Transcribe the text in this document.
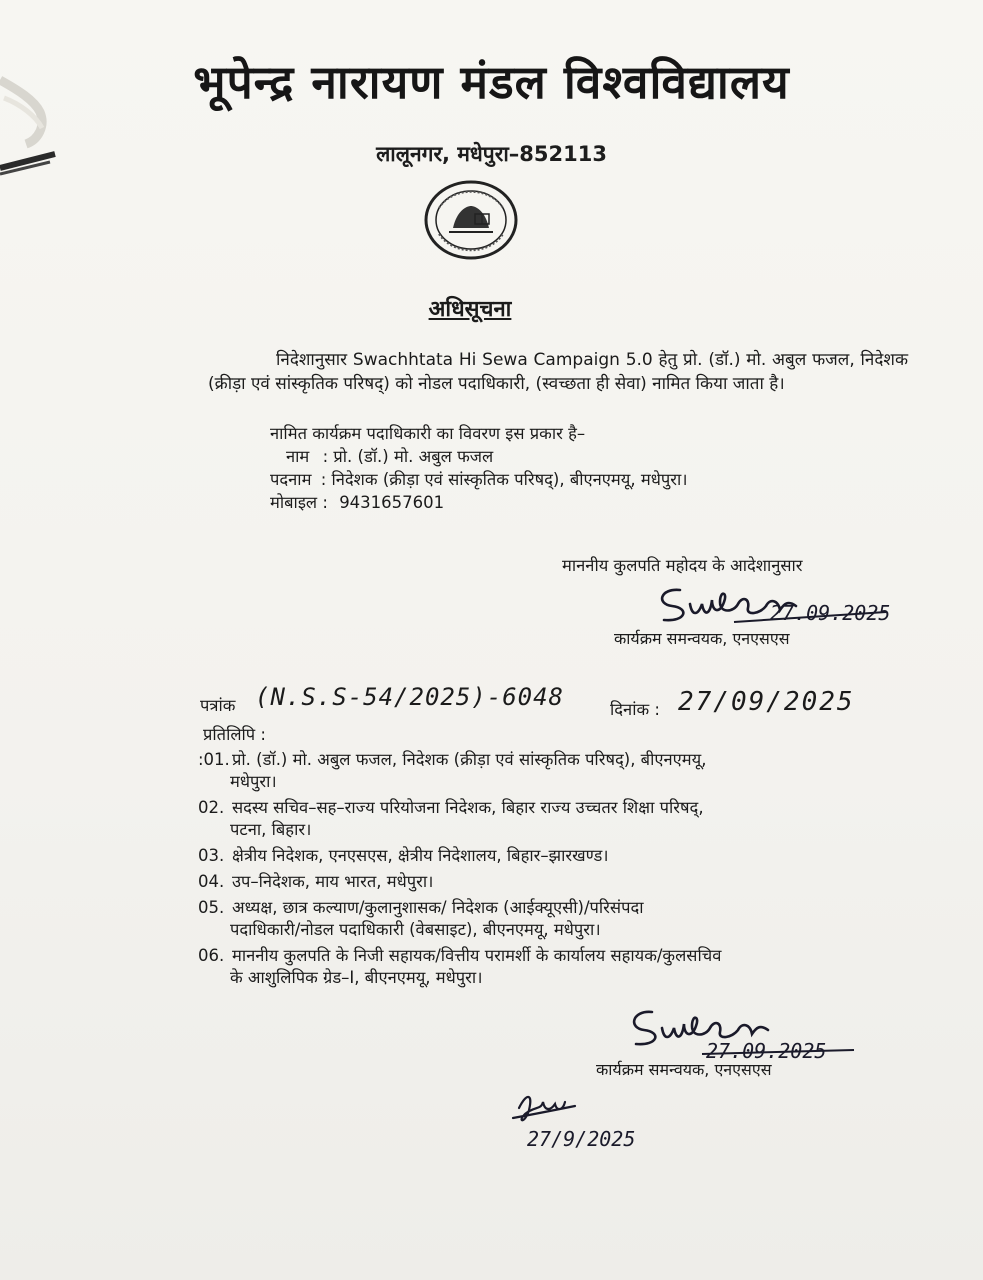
भूपेन्द्र नारायण मंडल विश्वविद्यालय
लालूनगर, मधेपुरा–852113
अधिसूचना
निदेशानुसार Swachhtata Hi Sewa Campaign 5.0 हेतु प्रो. (डॉ.) मो. अबुल फजल, निदेशक (क्रीड़ा एवं सांस्कृतिक परिषद्) को नोडल पदाधिकारी, (स्वच्छता ही सेवा) नामित किया जाता है।
नामित कार्यक्रम पदाधिकारी का विवरण इस प्रकार है–
नाम : प्रो. (डॉ.) मो. अबुल फजल
पदनाम : निदेशक (क्रीड़ा एवं सांस्कृतिक परिषद्), बीएनएमयू, मधेपुरा।
मोबाइल : 9431657601
माननीय कुलपति महोदय के आदेशानुसार
27.09.2025
कार्यक्रम समन्वयक, एनएसएस
पत्रांक (N.S.S-54/2025)-6048	दिनांक : 27/09/2025
प्रतिलिपि :
:01. प्रो. (डॉ.) मो. अबुल फजल, निदेशक (क्रीड़ा एवं सांस्कृतिक परिषद्), बीएनएमयू,
मधेपुरा।
02. सदस्य सचिव–सह–राज्य परियोजना निदेशक, बिहार राज्य उच्चतर शिक्षा परिषद्,
पटना, बिहार।
03. क्षेत्रीय निदेशक, एनएसएस, क्षेत्रीय निदेशालय, बिहार–झारखण्ड।
04. उप–निदेशक, माय भारत, मधेपुरा।
05. अध्यक्ष, छात्र कल्याण/कुलानुशासक/ निदेशक (आईक्यूएसी)/परिसंपदा
पदाधिकारी/नोडल पदाधिकारी (वेबसाइट), बीएनएमयू, मधेपुरा।
06. माननीय कुलपति के निजी सहायक/वित्तीय परामर्शी के कार्यालय सहायक/कुलसचिव
के आशुलिपिक ग्रेड–I, बीएनएमयू, मधेपुरा।
27.09.2025
कार्यक्रम समन्वयक, एनएसएस
27/9/2025
